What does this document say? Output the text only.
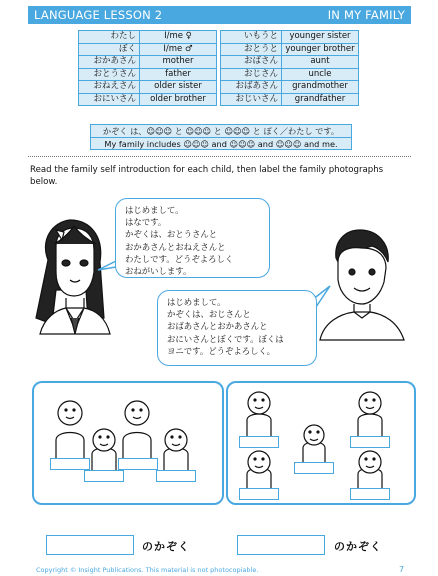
LANGUAGE LESSON 2	IN MY FAMILY
わたし	I/me ♀
ぼく	I/me ♂
おかあさん	mother
おとうさん	father
おねえさん	older sister
おにいさん	older brother
いもうと	younger sister
おとうと	younger brother
おばさん	aunt
おじさん	uncle
おばあさん	grandmother
おじいさん	grandfather
かぞく は、☺☺☺ と ☺☺☺ と ☺☺☺ と ぼく／わたし です。
My family includes ☺☺☺ and ☺☺☺ and ☺☺☺ and me.
Read the family self introduction for each child, then label the family photographs below.

はじめまして。

はなです。

かぞくは、おとうさんと

おかあさんとおねえさんと

わたしです。どうぞよろしく

おねがいします。

はじめまして。

かぞくは、おじさんと

おばあさんとおかあさんと

おにいさんとぼくです。ぼくは

ヨニです。どうぞよろしく。

のかぞく	のかぞく
Copyright © Insight Publications. This material is not photocopiable.	7
